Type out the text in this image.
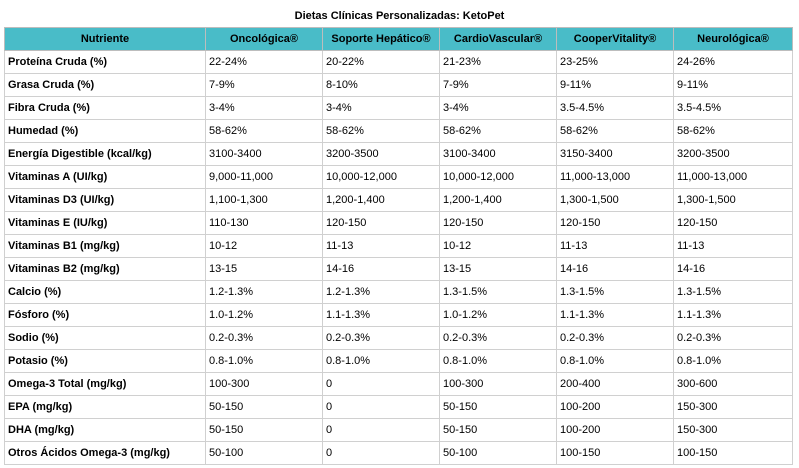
Dietas Clínicas Personalizadas: KetoPet
Nutriente	Oncológica®	Soporte Hepático®	CardioVascular®	CooperVitality®	Neurológica®
Proteína Cruda (%)	22-24%	20-22%	21-23%	23-25%	24-26%
Grasa Cruda (%)	7-9%	8-10%	7-9%	9-11%	9-11%
Fibra Cruda (%)	3-4%	3-4%	3-4%	3.5-4.5%	3.5-4.5%
Humedad (%)	58-62%	58-62%	58-62%	58-62%	58-62%
Energía Digestible (kcal/kg)	3100-3400	3200-3500	3100-3400	3150-3400	3200-3500
Vitaminas A (UI/kg)	9,000-11,000	10,000-12,000	10,000-12,000	11,000-13,000	11,000-13,000
Vitaminas D3 (UI/kg)	1,100-1,300	1,200-1,400	1,200-1,400	1,300-1,500	1,300-1,500
Vitaminas E (IU/kg)	110-130	120-150	120-150	120-150	120-150
Vitaminas B1 (mg/kg)	10-12	11-13	10-12	11-13	11-13
Vitaminas B2 (mg/kg)	13-15	14-16	13-15	14-16	14-16
Calcio (%)	1.2-1.3%	1.2-1.3%	1.3-1.5%	1.3-1.5%	1.3-1.5%
Fósforo (%)	1.0-1.2%	1.1-1.3%	1.0-1.2%	1.1-1.3%	1.1-1.3%
Sodio (%)	0.2-0.3%	0.2-0.3%	0.2-0.3%	0.2-0.3%	0.2-0.3%
Potasio (%)	0.8-1.0%	0.8-1.0%	0.8-1.0%	0.8-1.0%	0.8-1.0%
Omega-3 Total (mg/kg)	100-300	0	100-300	200-400	300-600
EPA (mg/kg)	50-150	0	50-150	100-200	150-300
DHA (mg/kg)	50-150	0	50-150	100-200	150-300
Otros Ácidos Omega-3 (mg/kg)	50-100	0	50-100	100-150	100-150
